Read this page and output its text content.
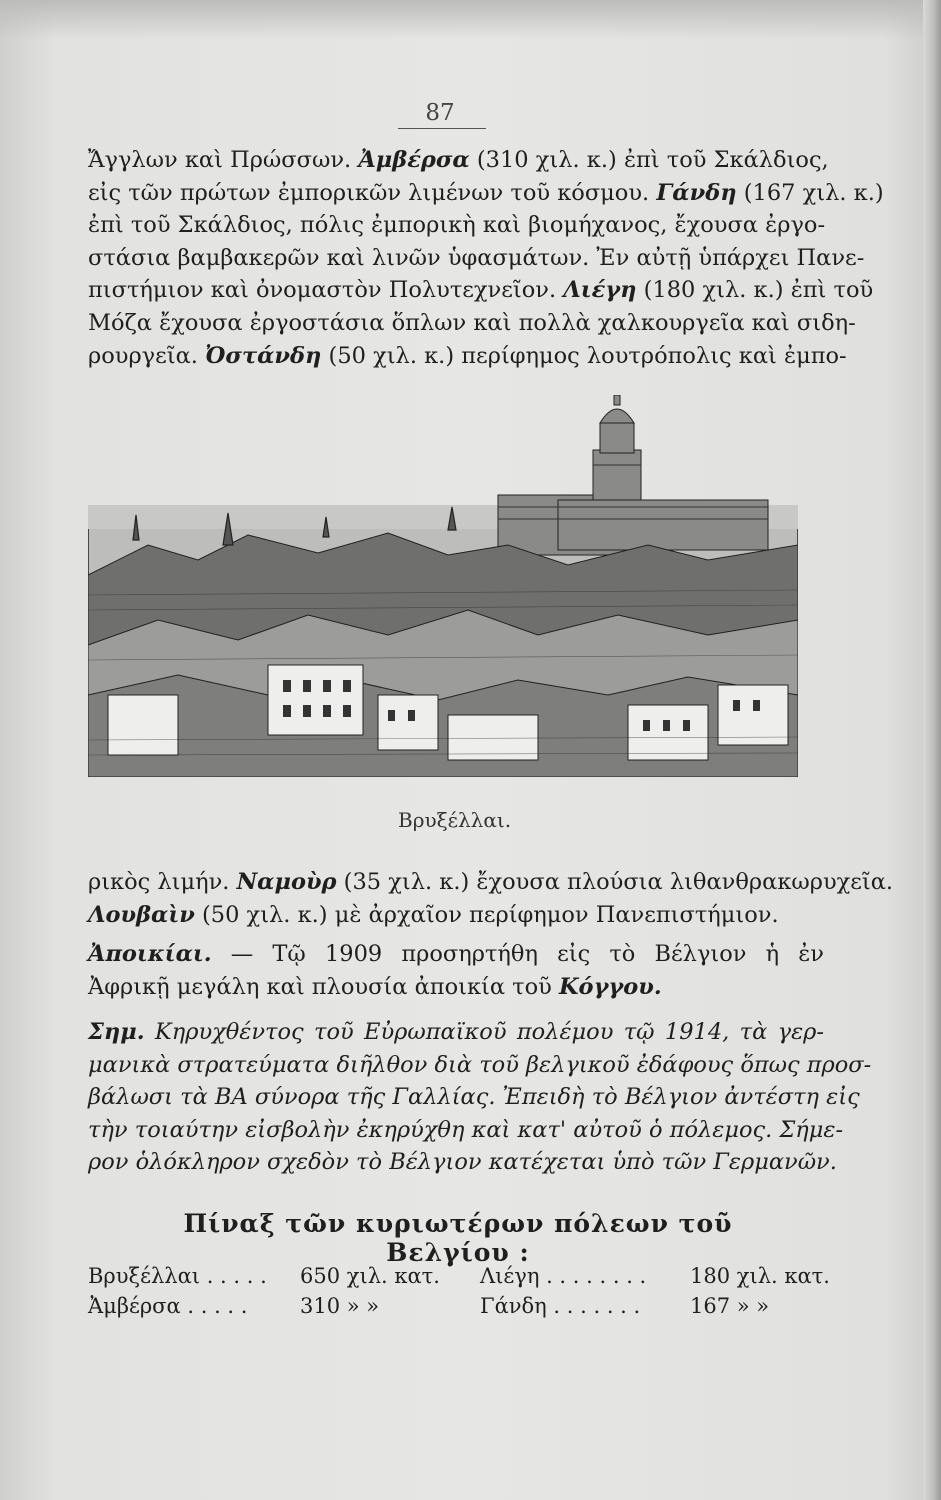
87
Ἄγγλων καὶ Πρώσσων. Ἀμβέρσα (310 χιλ. κ.) ἐπὶ τοῦ Σκάλδιος,
εἰς τῶν πρώτων ἐμπορικῶν λιμένων τοῦ κόσμου. Γάνδη (167 χιλ. κ.)
ἐπὶ τοῦ Σκάλδιος, πόλις ἐμπορικὴ καὶ βιομήχανος, ἔχουσα ἐργο-
στάσια βαμβακερῶν καὶ λινῶν ὑφασμάτων. Ἐν αὐτῇ ὑπάρχει Πανε-
πιστήμιον καὶ ὀνομαστὸν Πολυτεχνεῖον. Λιέγη (180 χιλ. κ.) ἐπὶ τοῦ
Μόζα ἔχουσα ἐργοστάσια ὅπλων καὶ πολλὰ χαλκουργεῖα καὶ σιδη-
ρουργεῖα. Ὀστάνδη (50 χιλ. κ.) περίφημος λουτρόπολις καὶ ἐμπο-
Βρυξέλλαι.
ρικὸς λιμήν. Ναμοὺρ (35 χιλ. κ.) ἔχουσα πλούσια λιθανθρακωρυχεῖα.
Λουβαὶν (50 χιλ. κ.) μὲ ἀρχαῖον περίφημον Πανεπιστήμιον.
Ἀποικίαι. — Τῷ 1909 προσηρτήθη εἰς τὸ Βέλγιον ἡ ἐν
Ἀφρικῇ μεγάλη καὶ πλουσία ἀποικία τοῦ Κόγγου.
Σημ. Κηρυχθέντος τοῦ Εὐρωπαϊκοῦ πολέμου τῷ 1914, τὰ γερ-
μανικὰ στρατεύματα διῆλθον διὰ τοῦ βελγικοῦ ἐδάφους ὅπως προσ-
βάλωσι τὰ ΒΑ σύνορα τῆς Γαλλίας. Ἐπειδὴ τὸ Βέλγιον ἀντέστη εἰς
τὴν τοιαύτην εἰσβολὴν ἐκηρύχθη καὶ κατ' αὐτοῦ ὁ πόλεμος. Σήμε-
ρον ὁλόκληρον σχεδὸν τὸ Βέλγιον κατέχεται ὑπὸ τῶν Γερμανῶν.
Πίναξ τῶν κυριωτέρων πόλεων τοῦ Βελγίου :
Βρυξέλλαι . . . . . 650 χιλ. κατ. Λιέγη . . . . . . . . 180 χιλ. κατ.
Ἀμβέρσα . . . . .	310 » »	Γάνδη . . . . . . . 167 » »
